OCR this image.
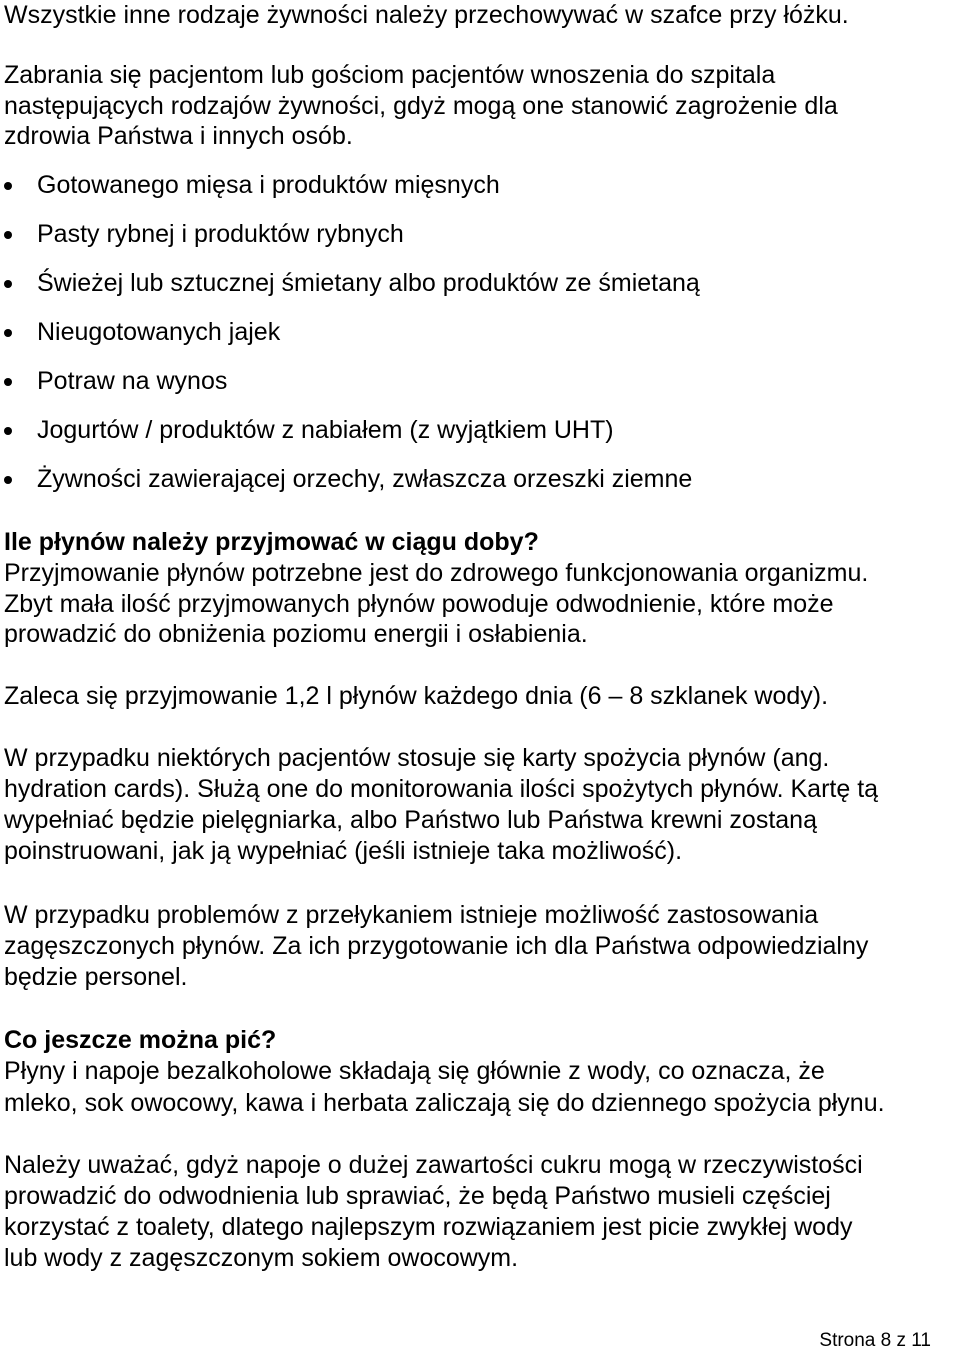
Wszystkie inne rodzaje żywności należy przechowywać w szafce przy łóżku.

Zabrania się pacjentom lub gościom pacjentów wnoszenia do szpitala

następujących rodzajów żywności, gdyż mogą one stanowić zagrożenie dla

zdrowia Państwa i innych osób.

Gotowanego mięsa i produktów mięsnych
Pasty rybnej i produktów rybnych
Świeżej lub sztucznej śmietany albo produktów ze śmietaną
Nieugotowanych jajek
Potraw na wynos
Jogurtów / produktów z nabiałem (z wyjątkiem UHT)
Żywności zawierającej orzechy, zwłaszcza orzeszki ziemne

Ile płynów należy przyjmować w ciągu doby?

Przyjmowanie płynów potrzebne jest do zdrowego funkcjonowania organizmu.

Zbyt mała ilość przyjmowanych płynów powoduje odwodnienie, które może

prowadzić do obniżenia poziomu energii i osłabienia.

Zaleca się przyjmowanie 1,2 l płynów każdego dnia (6 – 8 szklanek wody).

W przypadku niektórych pacjentów stosuje się karty spożycia płynów (ang.

hydration cards). Służą one do monitorowania ilości spożytych płynów. Kartę tą

wypełniać będzie pielęgniarka, albo Państwo lub Państwa krewni zostaną

poinstruowani, jak ją wypełniać (jeśli istnieje taka możliwość).

W przypadku problemów z przełykaniem istnieje możliwość zastosowania

zagęszczonych płynów. Za ich przygotowanie ich dla Państwa odpowiedzialny

będzie personel.

Co jeszcze można pić?

Płyny i napoje bezalkoholowe składają się głównie z wody, co oznacza, że

mleko, sok owocowy, kawa i herbata zaliczają się do dziennego spożycia płynu.

Należy uważać, gdyż napoje o dużej zawartości cukru mogą w rzeczywistości

prowadzić do odwodnienia lub sprawiać, że będą Państwo musieli częściej

korzystać z toalety, dlatego najlepszym rozwiązaniem jest picie zwykłej wody

lub wody z zagęszczonym sokiem owocowym.

Strona 8 z 11
